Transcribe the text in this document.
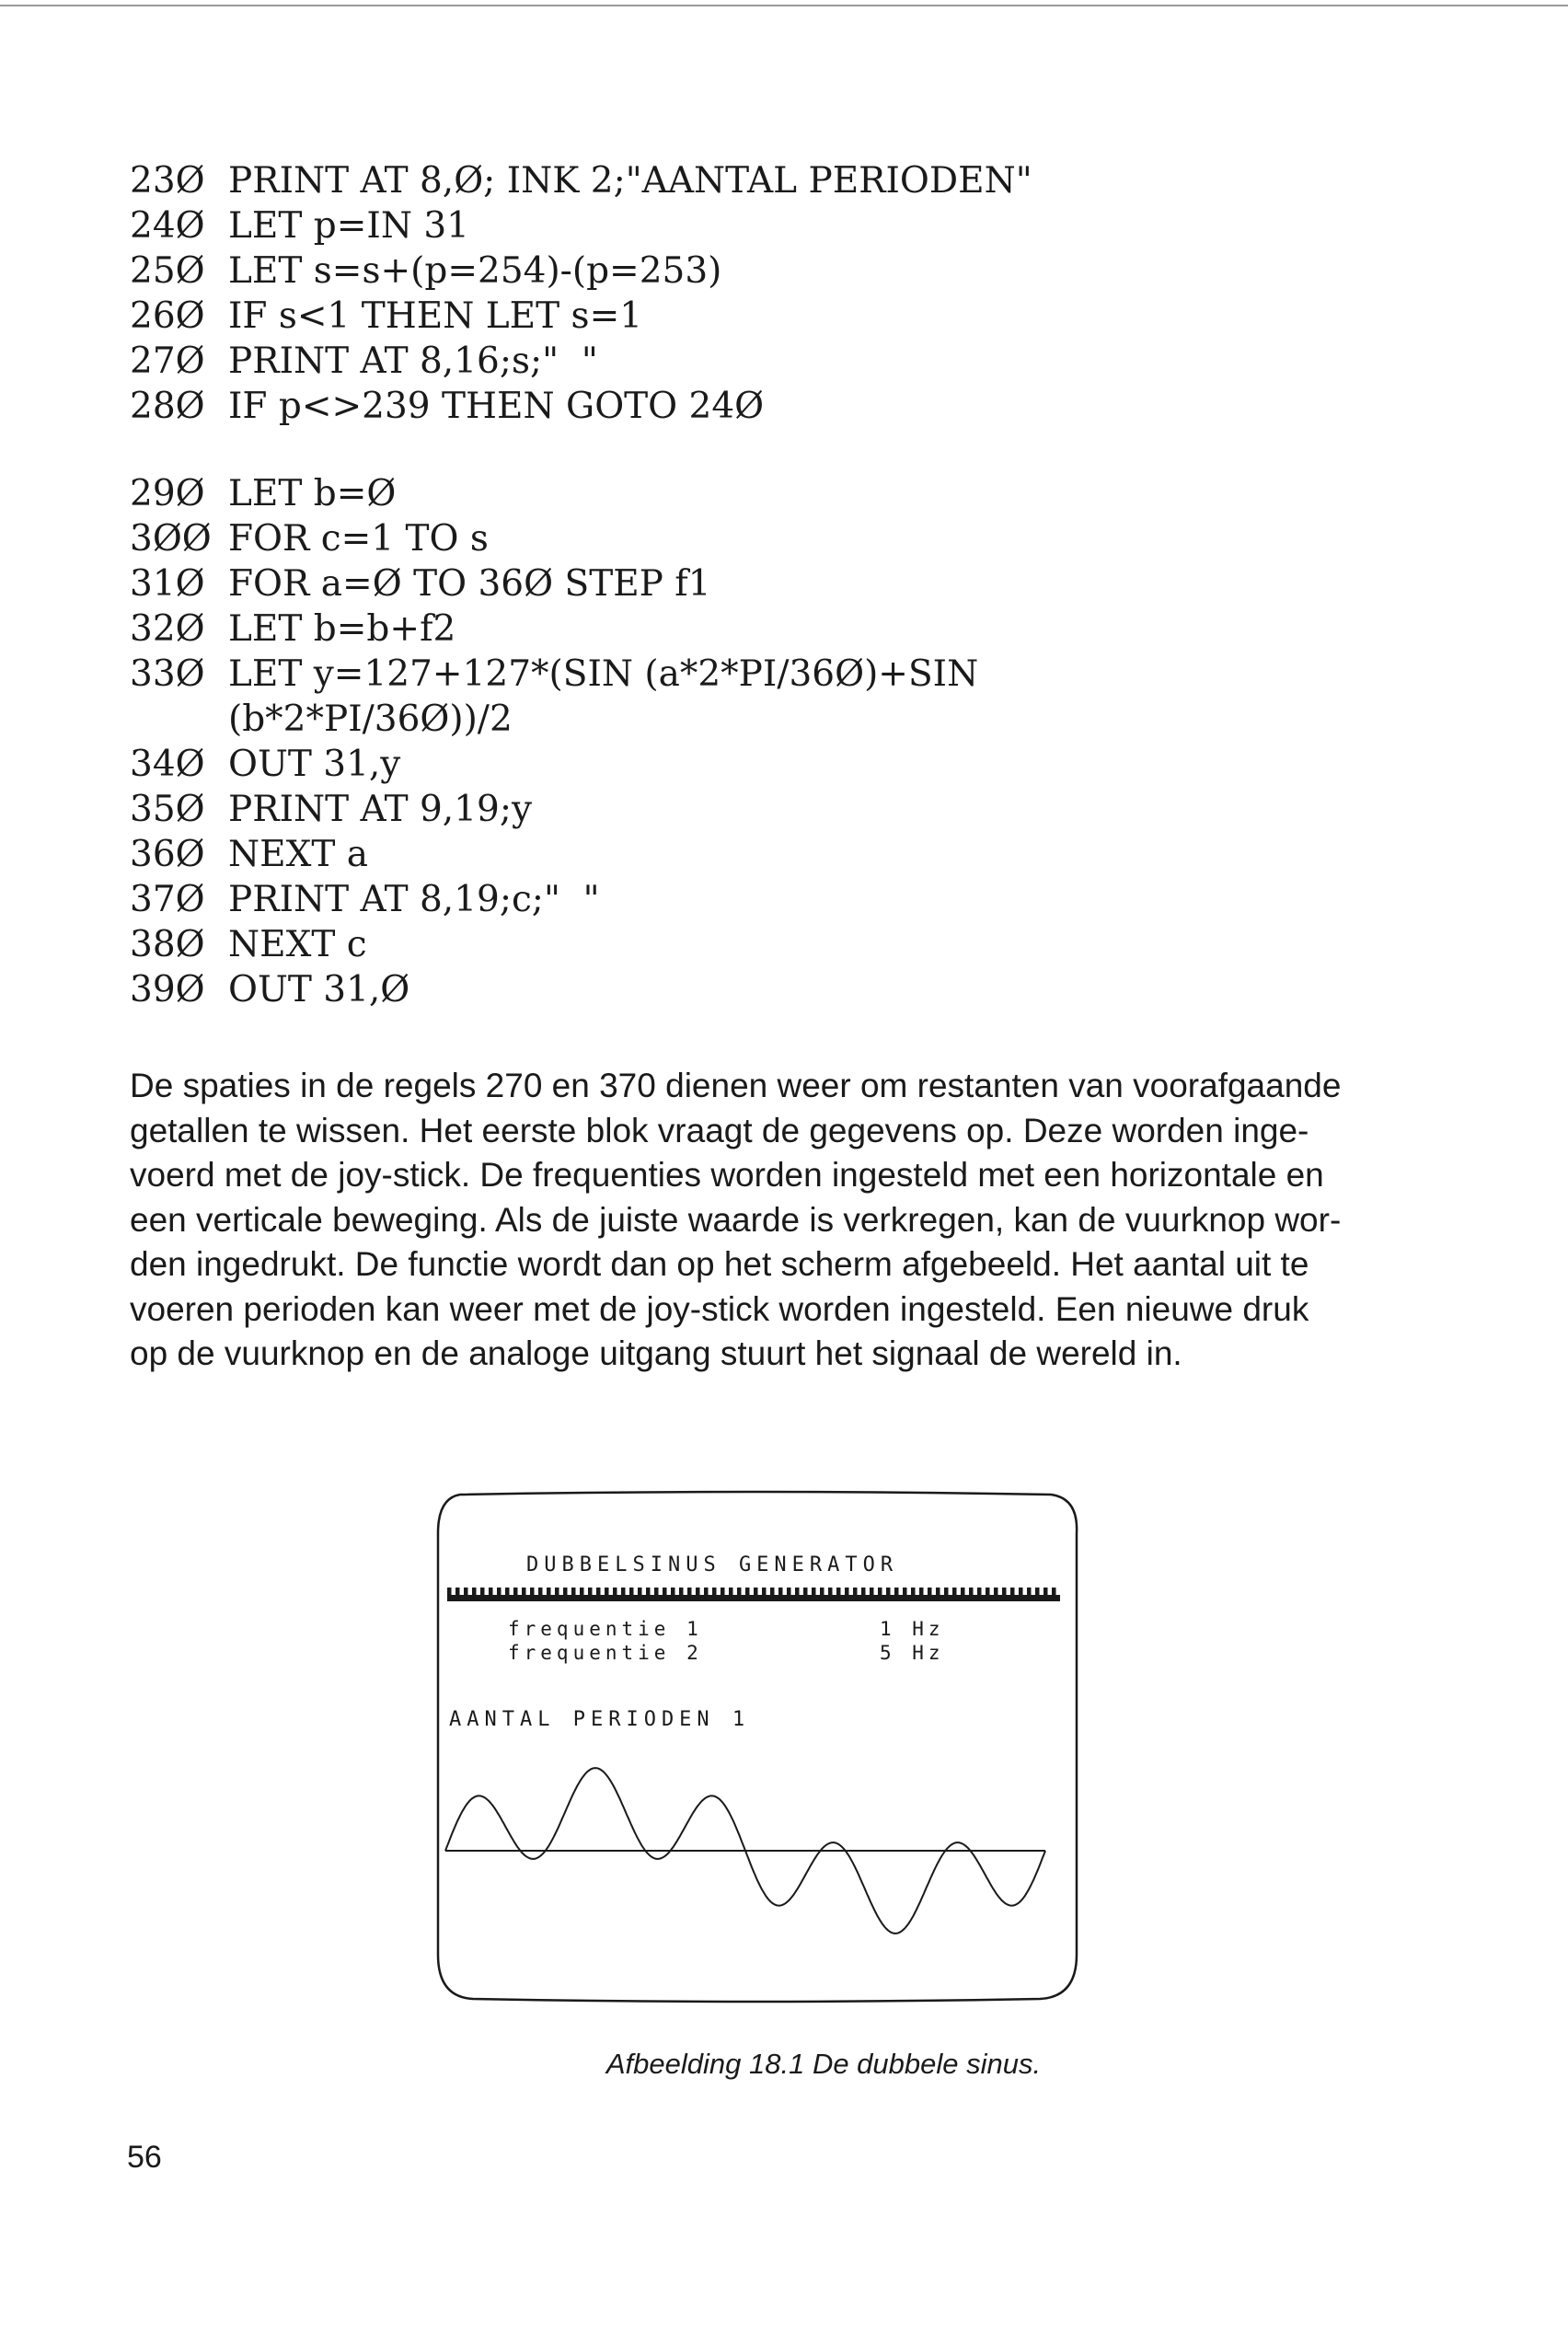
23Ø PRINT AT 8,Ø; INK 2;"AANTAL PERIODEN"
24Ø LET p=IN 31
25Ø LET s=s+(p=254)-(p=253)
26Ø IF s<1 THEN LET s=1
27Ø PRINT AT 8,16;s;"  "
28Ø IF p<>239 THEN GOTO 24Ø
29Ø LET b=Ø
3ØØ FOR c=1 TO s
31Ø FOR a=Ø TO 36Ø STEP f1
32Ø LET b=b+f2
33Ø LET y=127+127*(SIN (a*2*PI/36Ø)+SIN
(b*2*PI/36Ø))/2
34Ø OUT 31,y
35Ø PRINT AT 9,19;y
36Ø NEXT a
37Ø PRINT AT 8,19;c;"  "
38Ø NEXT c
39Ø OUT 31,Ø

De spaties in de regels 270 en 370 dienen weer om restanten van voorafgaande

getallen te wissen. Het eerste blok vraagt de gegevens op. Deze worden inge-

voerd met de joy-stick. De frequenties worden ingesteld met een horizontale en

een verticale beweging. Als de juiste waarde is verkregen, kan de vuurknop wor-

den ingedrukt. De functie wordt dan op het scherm afgebeeld. Het aantal uit te

voeren perioden kan weer met de joy-stick worden ingesteld. Een nieuwe druk

op de vuurknop en de analoge uitgang stuurt het signaal de wereld in.

DUBBELSINUS GENERATOR
frequentie 1
frequentie 2
1 Hz
5 Hz
AANTAL PERIODEN 1
Afbeelding 18.1 De dubbele sinus.
56
